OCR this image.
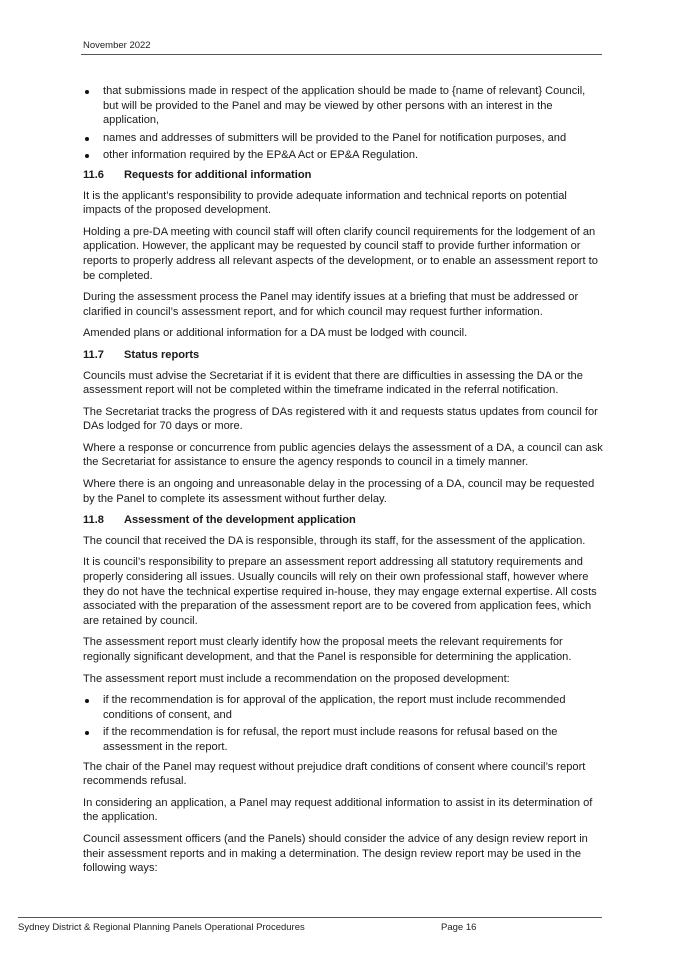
November 2022
that submissions made in respect of the application should be made to {name of relevant} Council, but will be provided to the Panel and may be viewed by other persons with an interest in the application,
names and addresses of submitters will be provided to the Panel for notification purposes, and
other information required by the EP&A Act or EP&A Regulation.
11.6	Requests for additional information

It is the applicant’s responsibility to provide adequate information and technical reports on potential impacts of the proposed development.

Holding a pre-DA meeting with council staff will often clarify council requirements for the lodgement of an application. However, the applicant may be requested by council staff to provide further information or reports to properly address all relevant aspects of the development, or to enable an assessment report to be completed.

During the assessment process the Panel may identify issues at a briefing that must be addressed or clarified in council’s assessment report, and for which council may request further information.

Amended plans or additional information for a DA must be lodged with council.

11.7	Status reports

Councils must advise the Secretariat if it is evident that there are difficulties in assessing the DA or the assessment report will not be completed within the timeframe indicated in the referral notification.

The Secretariat tracks the progress of DAs registered with it and requests status updates from council for DAs lodged for 70 days or more.

Where a response or concurrence from public agencies delays the assessment of a DA, a council can ask the Secretariat for assistance to ensure the agency responds to council in a timely manner.

Where there is an ongoing and unreasonable delay in the processing of a DA, council may be requested by the Panel to complete its assessment without further delay.

11.8	Assessment of the development application

The council that received the DA is responsible, through its staff, for the assessment of the application.

It is council’s responsibility to prepare an assessment report addressing all statutory requirements and properly considering all issues. Usually councils will rely on their own professional staff, however where they do not have the technical expertise required in-house, they may engage external expertise. All costs associated with the preparation of the assessment report are to be covered from application fees, which are retained by council.

The assessment report must clearly identify how the proposal meets the relevant requirements for regionally significant development, and that the Panel is responsible for determining the application.

The assessment report must include a recommendation on the proposed development:

if the recommendation is for approval of the application, the report must include recommended conditions of consent, and
if the recommendation is for refusal, the report must include reasons for refusal based on the assessment in the report.

The chair of the Panel may request without prejudice draft conditions of consent where council’s report recommends refusal.

In considering an application, a Panel may request additional information to assist in its determination of the application.

Council assessment officers (and the Panels) should consider the advice of any design review report in their assessment reports and in making a determination. The design review report may be used in the following ways:

Sydney District & Regional Planning Panels Operational Procedures	Page 16
